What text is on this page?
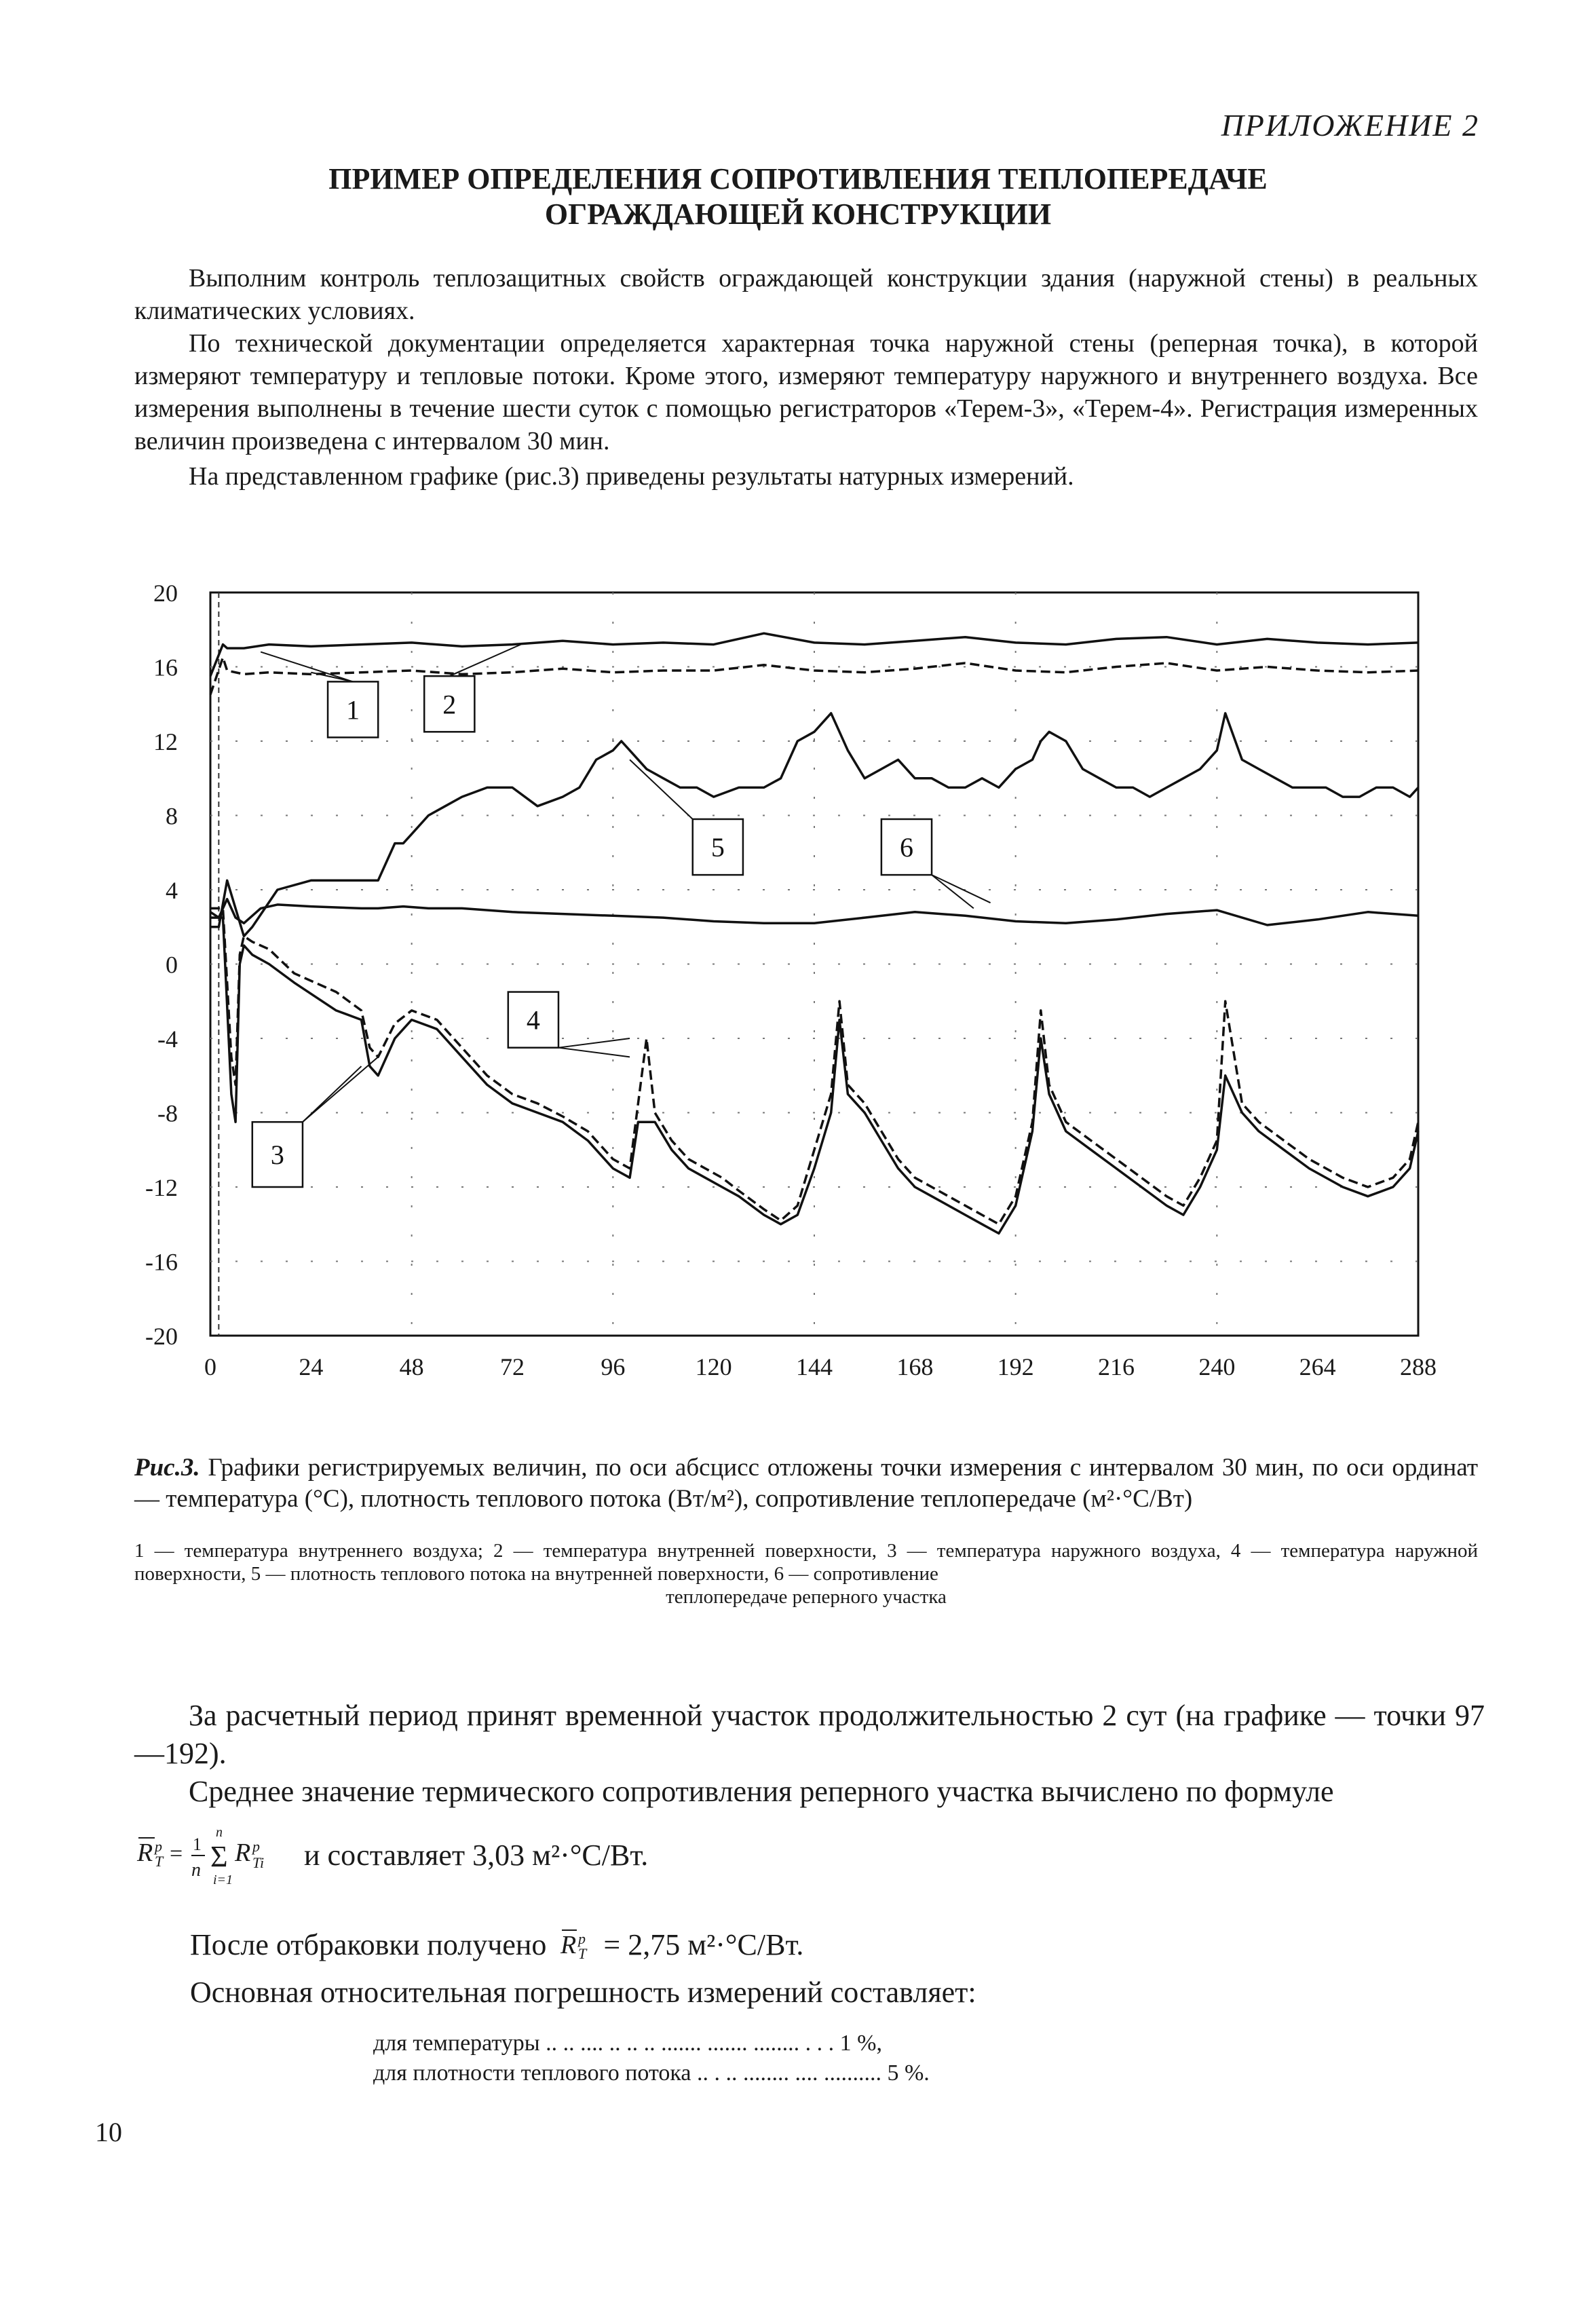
ПРИЛОЖЕНИЕ 2
ПРИМЕР ОПРЕДЕЛЕНИЯ СОПРОТИВЛЕНИЯ ТЕПЛОПЕРЕДАЧЕ
ОГРАЖДАЮЩЕЙ КОНСТРУКЦИИ
Выполним контроль теплозащитных свойств ограждающей конструкции здания (наружной стены) в реальных климатических условиях.
По технической документации определяется характерная точка наружной стены (реперная точка), в которой измеряют температуру и тепловые потоки. Кроме этого, измеряют температуру наружного и внутреннего воздуха. Все измерения выполнены в течение шести суток с помощью регистраторов «Терем-3», «Терем-4». Регистрация измеренных величин произведена с интервалом 30 мин.
На представленном графике (рис.3) приведены результаты натурных измерений.
20
16
12
8
4
0
-4
-8
-12
-16
-20
0	24	48	72	96	120	144	168	192	216	240	264	288
1	2
3
4
5	6
Рис.3. Графики регистрируемых величин, по оси абсцисс отложены точки измерения с интервалом 30 мин, по оси ординат — температура (°С), плотность теплового потока (Вт/м²), сопротивление теплопередаче (м²·°С/Вт)
1 — температура внутреннего воздуха; 2 — температура внутренней поверхности, 3 — температура наружного воздуха, 4 — температура наружной поверхности, 5 — плотность теплового потока на внутренней поверхности, 6 — сопротивление
теплопередаче реперного участка
За расчетный период принят временной участок продолжительностью 2 сут (на графике — точки 97—192).
Среднее значение термического сопротивления реперного участка вычислено по формуле
R T
p = 1
n
n
Σ
i=1
R p
Ti и составляет 3,03 м²·°С/Вт.
После отбраковки получено R p
T = 2,75 м²·°С/Вт.
Основная относительная погрешность измерений составляет:
для температуры .. .. .... .. .. .. ....... ....... ........ . . . 1 %,
для плотности теплового потока .. . .. ........ .... .......... 5 %.
10
